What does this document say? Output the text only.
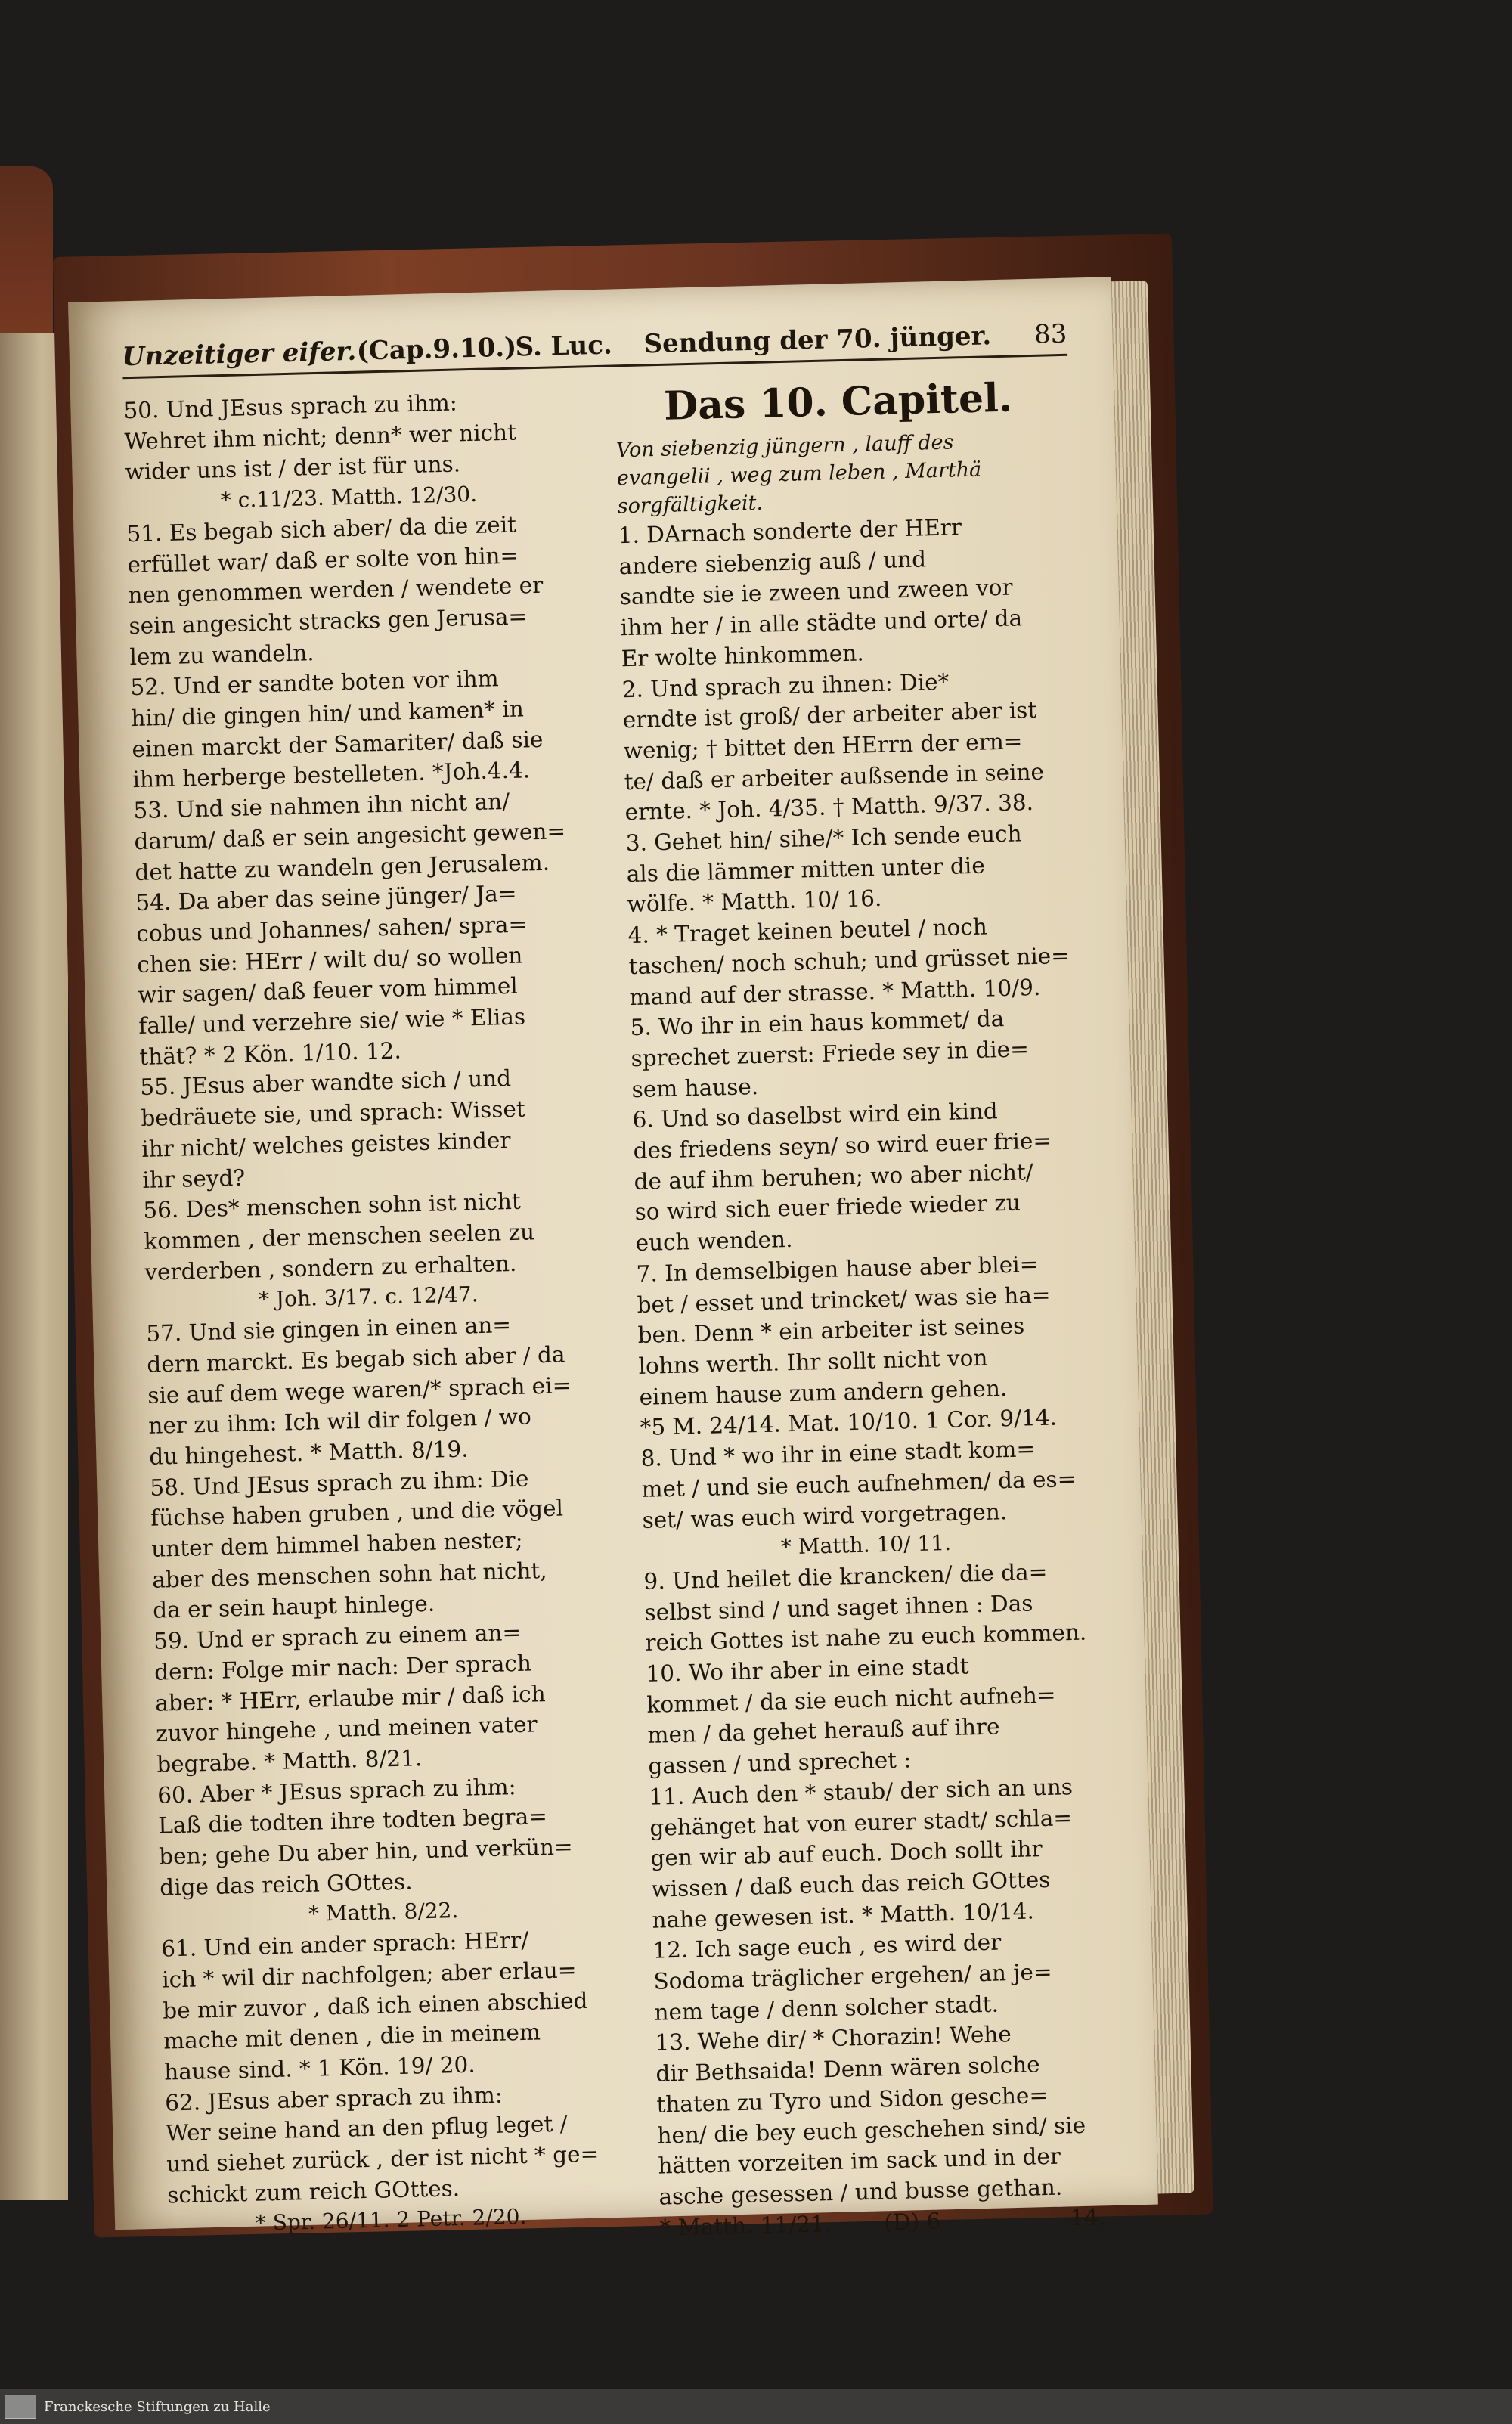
Unzeitiger eifer. (Cap.9.10.)
S. Luc. Sendung der 70. jünger. 83
50. Und JEsus sprach zu ihm:
Wehret ihm nicht; denn* wer nicht
wider uns ist / der ist für uns.
* c.11/23. Matth. 12/30.
51. Es begab sich aber/ da die zeit
erfüllet war/ daß er solte von hin=
nen genommen werden / wendete er
sein angesicht stracks gen Jerusa=
lem zu wandeln.
52. Und er sandte boten vor ihm
hin/ die gingen hin/ und kamen* in
einen marckt der Samariter/ daß sie
ihm herberge bestelleten. *Joh.4.4.
53. Und sie nahmen ihn nicht an/
darum/ daß er sein angesicht gewen=
det hatte zu wandeln gen Jerusalem.
54. Da aber das seine jünger/ Ja=
cobus und Johannes/ sahen/ spra=
chen sie: HErr / wilt du/ so wollen
wir sagen/ daß feuer vom himmel
falle/ und verzehre sie/ wie * Elias
thät? * 2 Kön. 1/10. 12.
55. JEsus aber wandte sich / und
bedräuete sie, und sprach: Wisset
ihr nicht/ welches geistes kinder
ihr seyd?
56. Des* menschen sohn ist nicht
kommen , der menschen seelen zu
verderben , sondern zu erhalten.
* Joh. 3/17. c. 12/47.
57. Und sie gingen in einen an=
dern marckt. Es begab sich aber / da
sie auf dem wege waren/* sprach ei=
ner zu ihm: Ich wil dir folgen / wo
du hingehest. * Matth. 8/19.
58. Und JEsus sprach zu ihm: Die
füchse haben gruben , und die vögel
unter dem himmel haben nester;
aber des menschen sohn hat nicht,
da er sein haupt hinlege.
59. Und er sprach zu einem an=
dern: Folge mir nach: Der sprach
aber: * HErr, erlaube mir / daß ich
zuvor hingehe , und meinen vater
begrabe. * Matth. 8/21.
60. Aber * JEsus sprach zu ihm:
Laß die todten ihre todten begra=
ben; gehe Du aber hin, und verkün=
dige das reich GOttes.
* Matth. 8/22.
61. Und ein ander sprach: HErr/
ich * wil dir nachfolgen; aber erlau=
be mir zuvor , daß ich einen abschied
mache mit denen , die in meinem
hause sind. * 1 Kön. 19/ 20.
62. JEsus aber sprach zu ihm:
Wer seine hand an den pflug leget /
und siehet zurück , der ist nicht * ge=
schickt zum reich GOttes.
* Spr. 26/11. 2 Petr. 2/20.
Das 10. Capitel.
Von siebenzig jüngern , lauff des
evangelii , weg zum leben , Marthä
sorgfältigkeit.
1. DArnach sonderte der HErr
andere siebenzig auß / und
sandte sie ie zween und zween vor
ihm her / in alle städte und orte/ da
Er wolte hinkommen.
2. Und sprach zu ihnen: Die*
erndte ist groß/ der arbeiter aber ist
wenig; † bittet den HErrn der ern=
te/ daß er arbeiter außsende in seine
ernte. * Joh. 4/35. † Matth. 9/37. 38.
3. Gehet hin/ sihe/* Ich sende euch
als die lämmer mitten unter die
wölfe. * Matth. 10/ 16.
4. * Traget keinen beutel / noch
taschen/ noch schuh; und grüsset nie=
mand auf der strasse. * Matth. 10/9.
5. Wo ihr in ein haus kommet/ da
sprechet zuerst: Friede sey in die=
sem hause.
6. Und so daselbst wird ein kind
des friedens seyn/ so wird euer frie=
de auf ihm beruhen; wo aber nicht/
so wird sich euer friede wieder zu
euch wenden.
7. In demselbigen hause aber blei=
bet / esset und trincket/ was sie ha=
ben. Denn * ein arbeiter ist seines
lohns werth. Ihr sollt nicht von
einem hause zum andern gehen.
*5 M. 24/14. Mat. 10/10. 1 Cor. 9/14.
8. Und * wo ihr in eine stadt kom=
met / und sie euch aufnehmen/ da es=
set/ was euch wird vorgetragen.
* Matth. 10/ 11.
9. Und heilet die krancken/ die da=
selbst sind / und saget ihnen : Das
reich Gottes ist nahe zu euch kommen.
10. Wo ihr aber in eine stadt
kommet / da sie euch nicht aufneh=
men / da gehet herauß auf ihre
gassen / und sprechet :
11. Auch den * staub/ der sich an uns
gehänget hat von eurer stadt/ schla=
gen wir ab auf euch. Doch sollt ihr
wissen / daß euch das reich GOttes
nahe gewesen ist. * Matth. 10/14.
12. Ich sage euch , es wird der
Sodoma träglicher ergehen/ an je=
nem tage / denn solcher stadt.
13. Wehe dir/ * Chorazin! Wehe
dir Bethsaida! Denn wären solche
thaten zu Tyro und Sidon gesche=
hen/ die bey euch geschehen sind/ sie
hätten vorzeiten im sack und in der
asche gesessen / und busse gethan.
* Matth. 11/21. (D) 6	14.
Franckesche Stiftungen zu Halle
